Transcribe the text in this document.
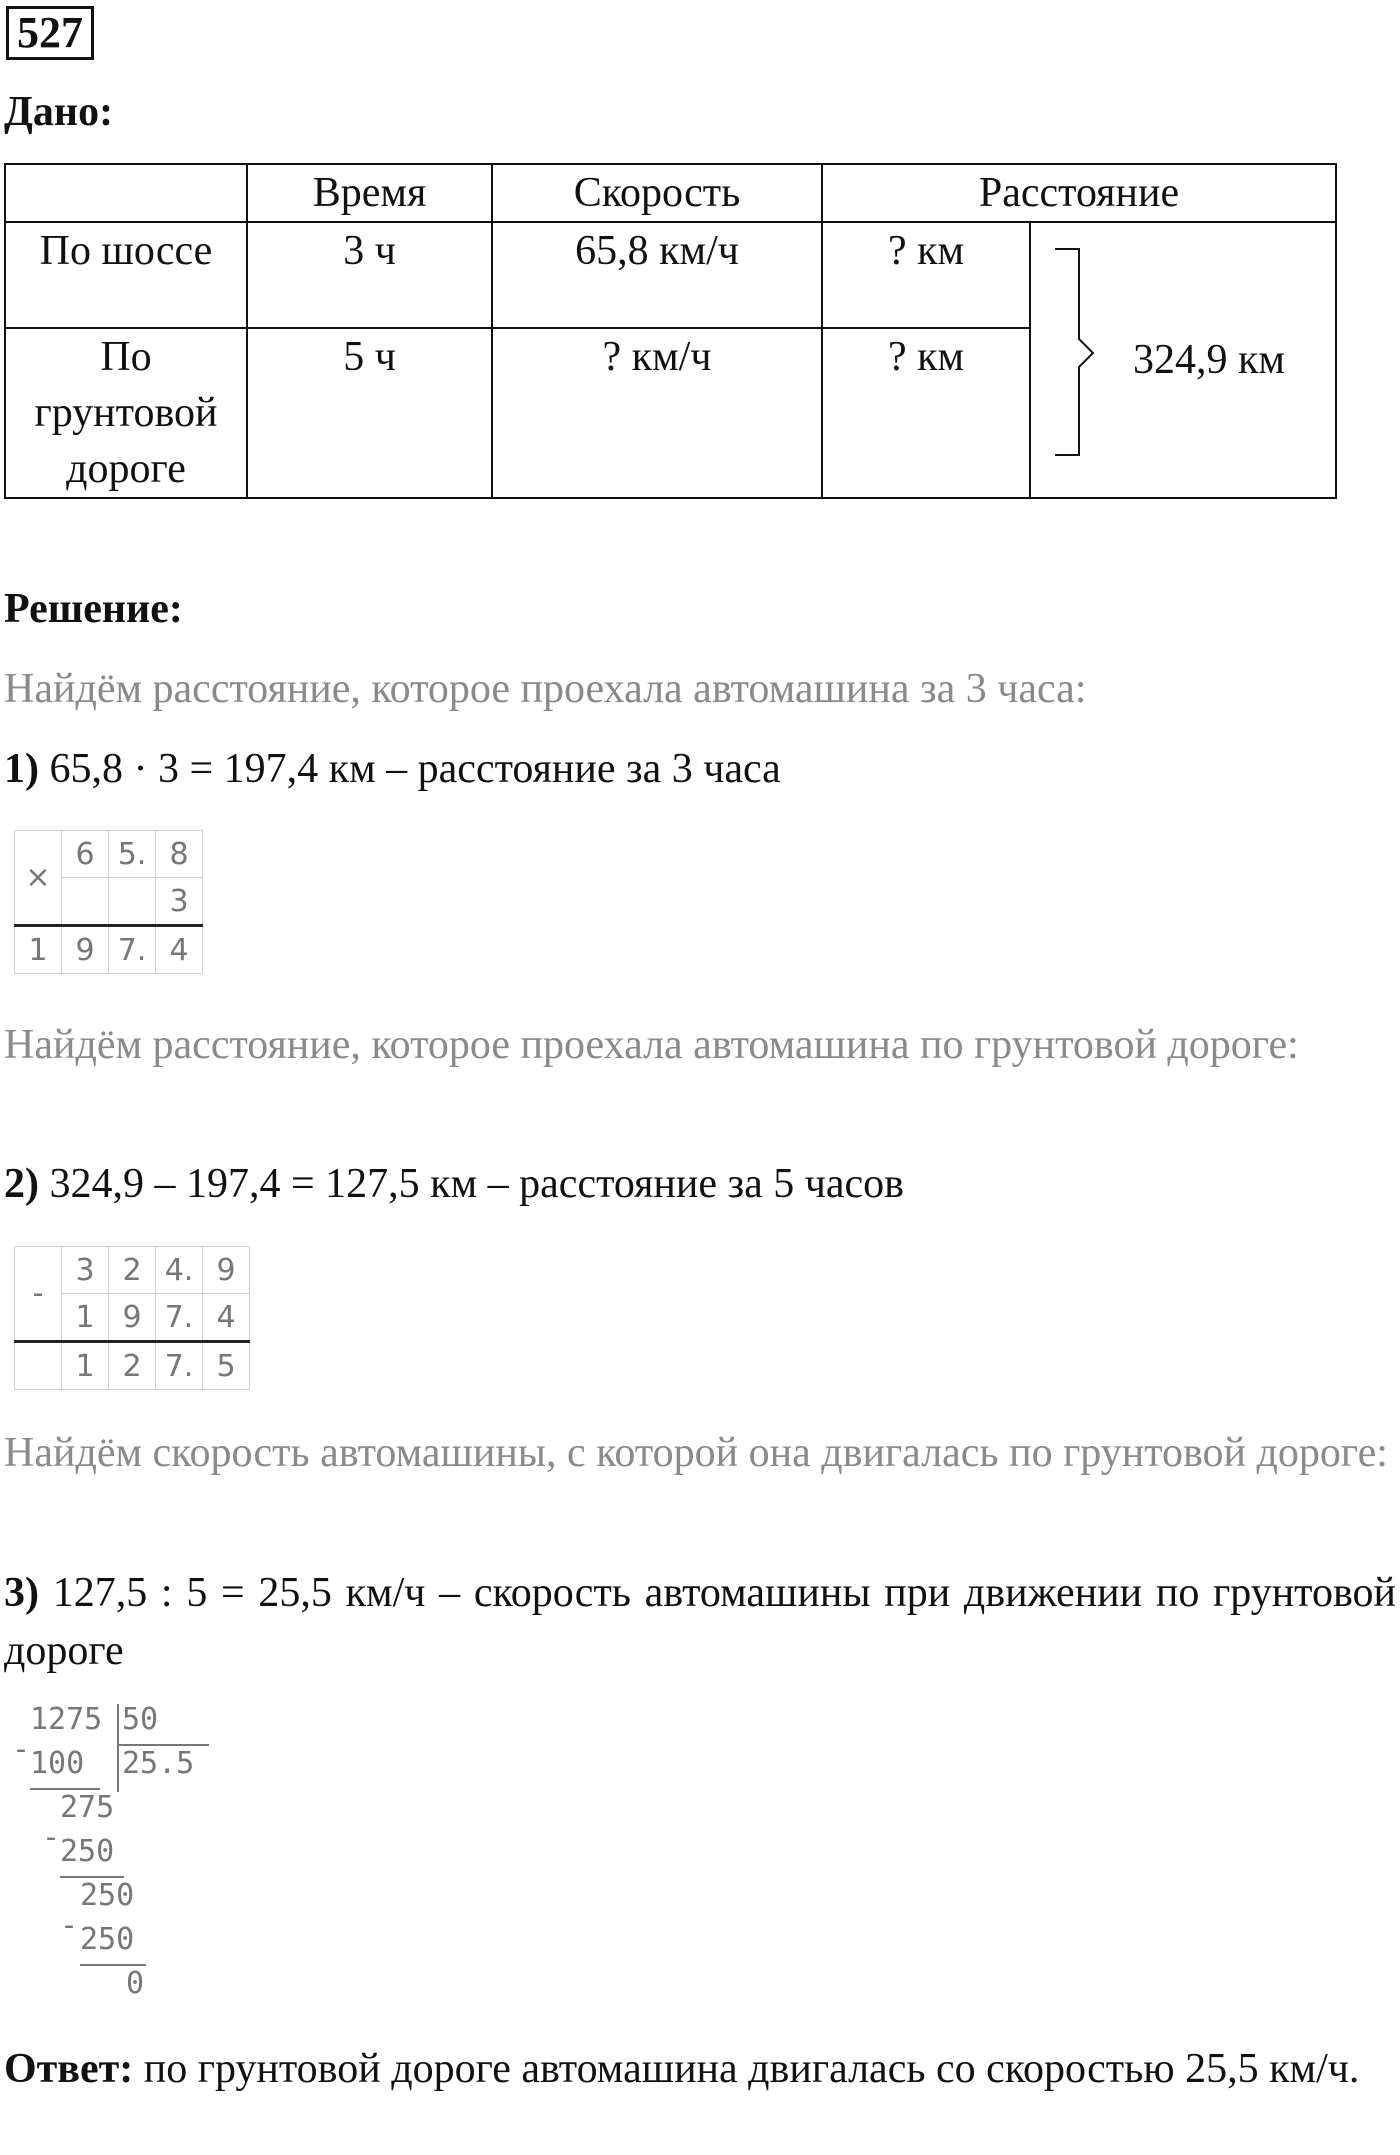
527
Дано:
	Время	Скорость	Расстояние	
По шоссе	3 ч	65,8 км/ч	? км	324,9 км
По грунтовой дороге	5 ч	? км/ч	? км	
Решение:
Найдём расстояние, которое проехала автомашина за 3 часа:
1) 65,8 · 3 = 197,4 км – расстояние за 3 часа
×	6	5.	8
			3
1	9	7.	4
Найдём расстояние, которое проехала автомашина по грунтовой дороге:
2) 324,9 – 197,4 = 127,5 км – расстояние за 5 часов
-	3	2	4.	9
	1	9	7.	4
	1	2	7.	5
Найдём скорость автомашины, с которой она двигалась по грунтовой дороге:
3) 127,5 : 5 = 25,5 км/ч – скорость автомашины при движении по грунтовой дороге
1275 50
- 100 25.5
275
- 250
250
- 250
0
Ответ: по грунтовой дороге автомашина двигалась со скоростью 25,5 км/ч.
